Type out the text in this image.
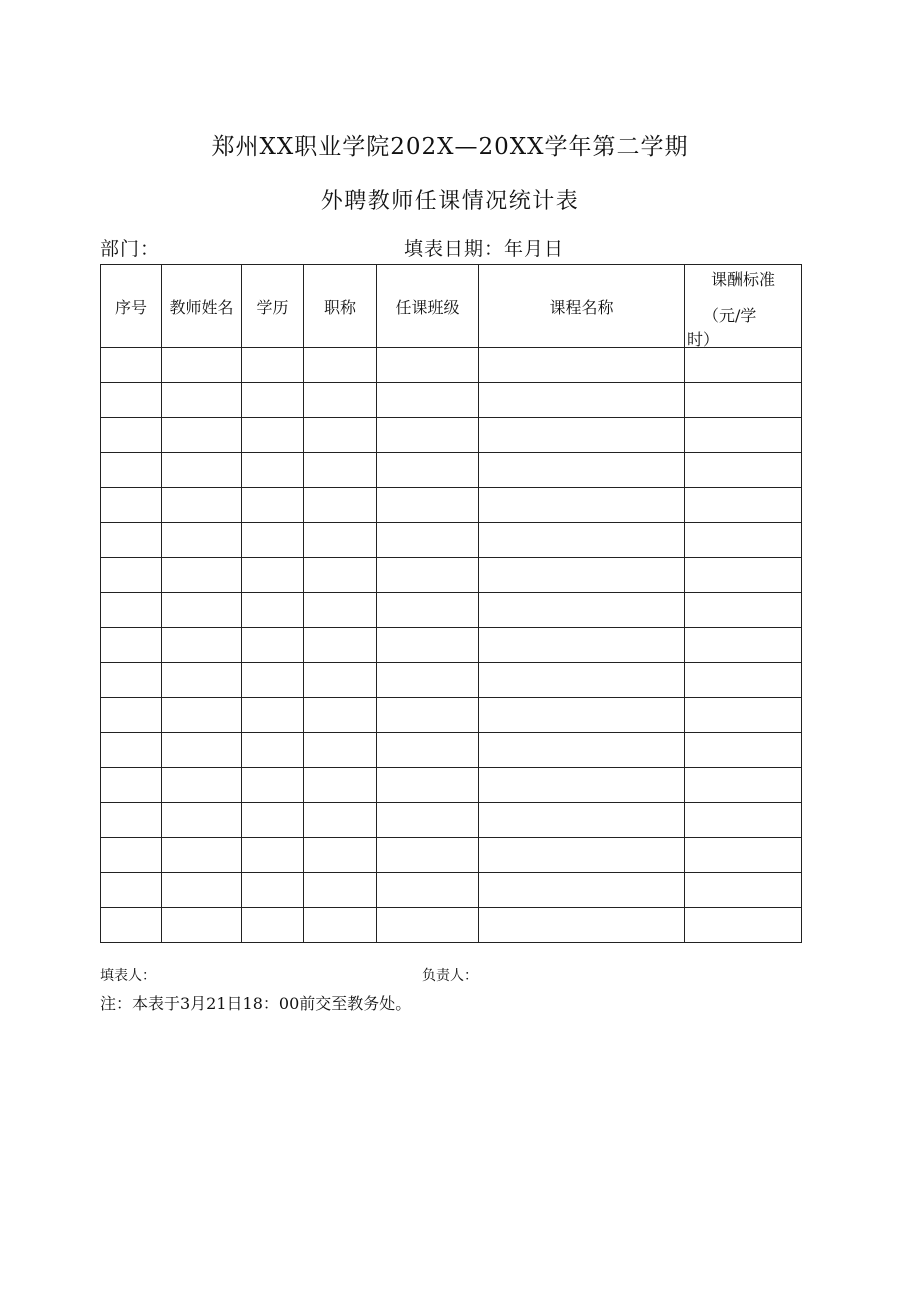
郑州XX职业学院202X—20XX学年第二学期
外聘教师任课情况统计表
部门：	填表日期：年月日
序号	教师姓名	学历	职称	任课班级	课程名称	课酬标准
（元/学
时）

填表人：	负责人：
注：本表于3月21日18：00前交至教务处。
